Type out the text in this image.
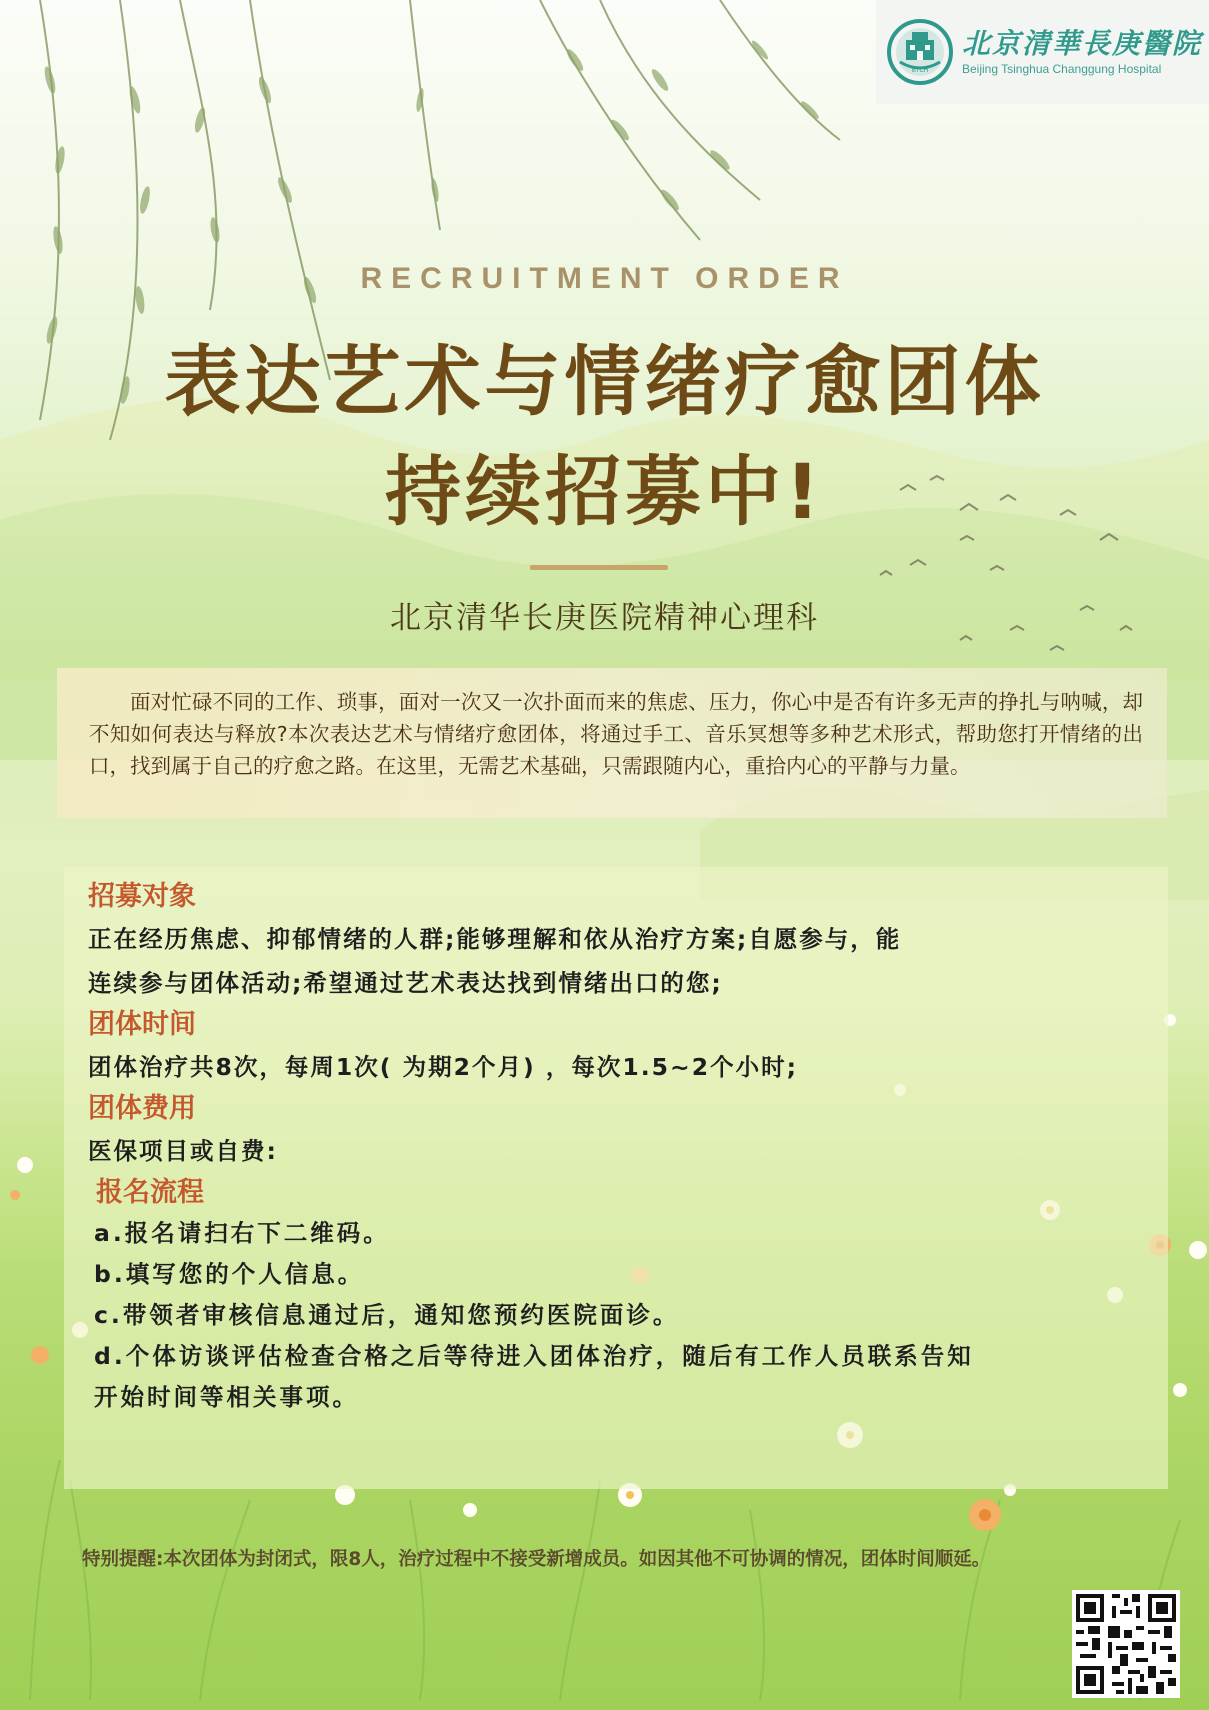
BTCH
北京清華長庚醫院
Beijing Tsinghua Changgung Hospital
RECRUITMENT ORDER
表达艺术与情绪疗愈团体
持续招募中!
北京清华长庚医院精神心理科
面对忙碌不同的工作、琐事，面对一次又一次扑面而来的焦虑、压力，你心中是否有许多无声的挣扎与呐喊，却不知如何表达与释放?本次表达艺术与情绪疗愈团体，将通过手工、音乐冥想等多种艺术形式，帮助您打开情绪的出口，找到属于自己的疗愈之路。在这里，无需艺术基础，只需跟随内心，重拾内心的平静与力量。

招募对象

正在经历焦虑、抑郁情绪的人群;能够理解和依从治疗方案;自愿参与，能

连续参与团体活动;希望通过艺术表达找到情绪出口的您;

团体时间

团体治疗共8次，每周1次( 为期2个月) ，每次1.5~2个小时;

团体费用

医保项目或自费:

报名流程

a.报名请扫右下二维码。

b.填写您的个人信息。

c.带领者审核信息通过后，通知您预约医院面诊。

d.个体访谈评估检查合格之后等待进入团体治疗，随后有工作人员联系告知

开始时间等相关事项。

特别提醒:本次团体为封闭式，限8人，治疗过程中不接受新增成员。如因其他不可协调的情况，团体时间顺延。
